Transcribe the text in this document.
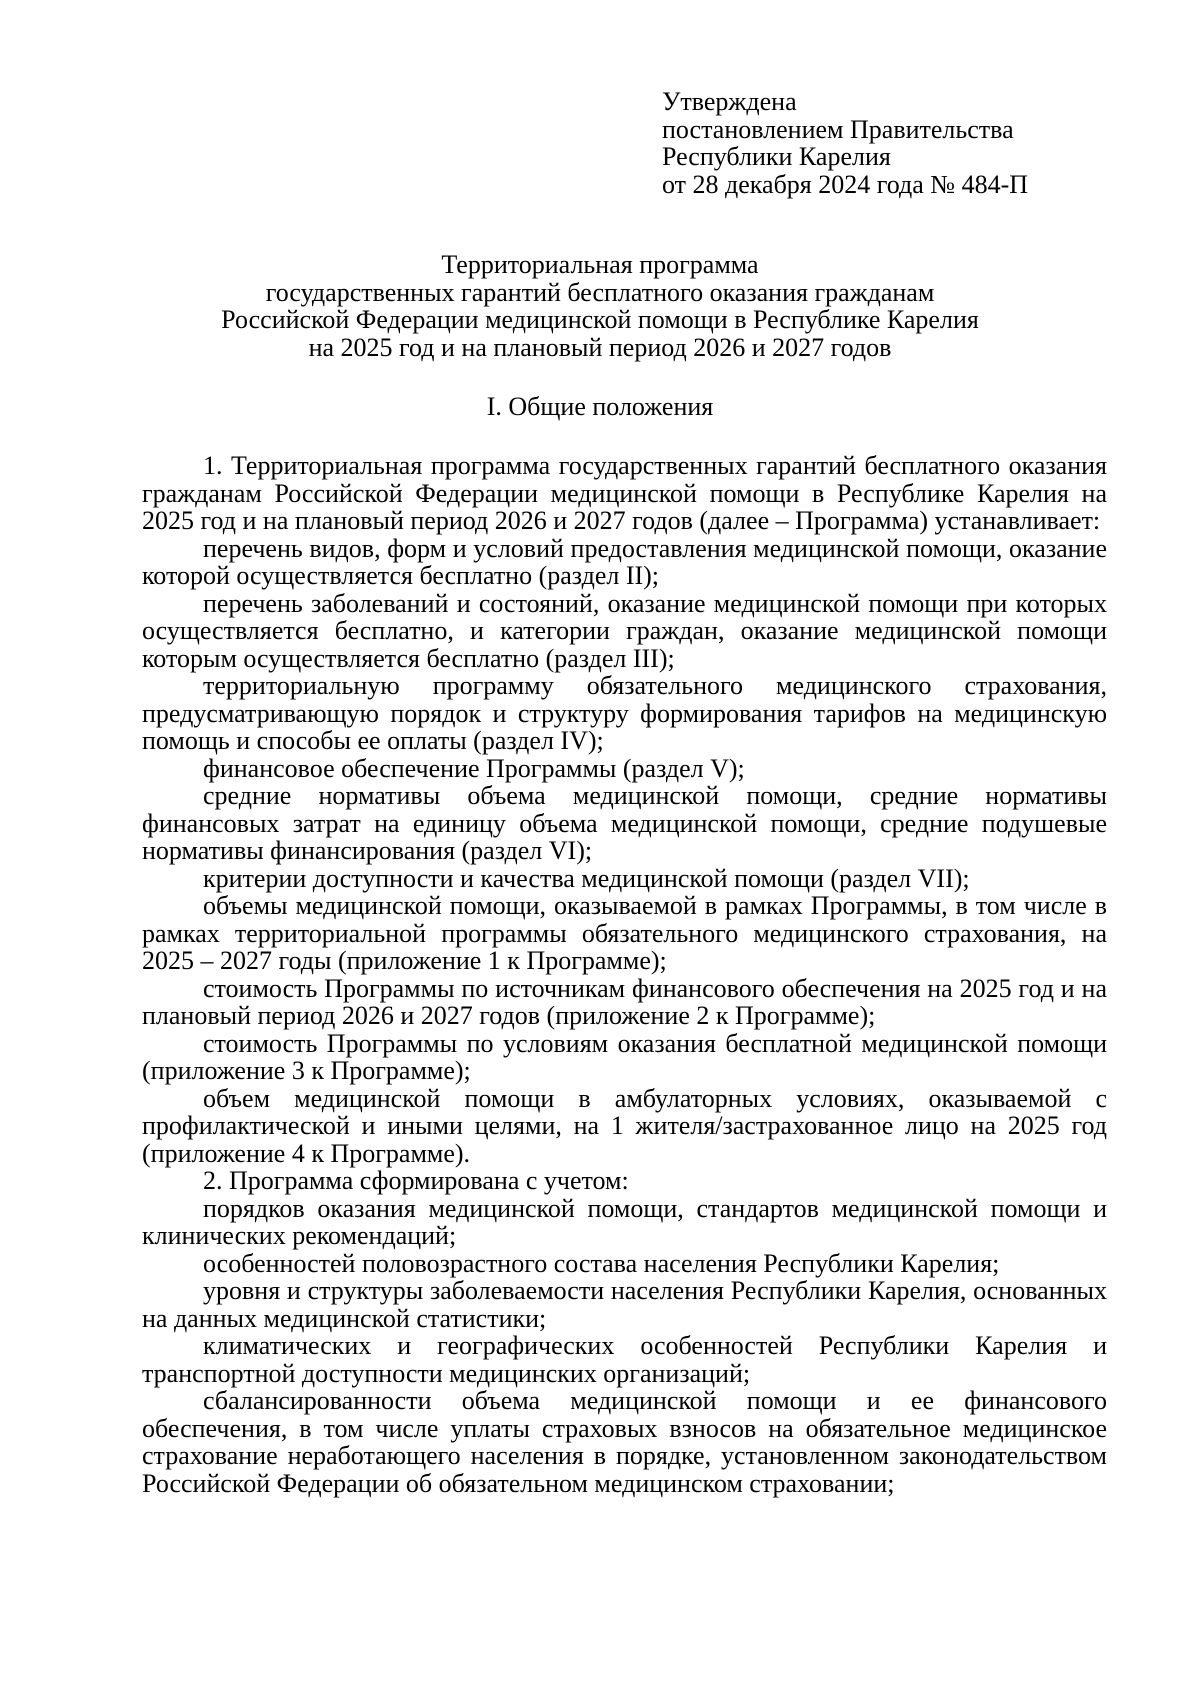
Утверждена
постановлением Правительства
Республики Карелия
от 28 декабря 2024 года № 484-П
Территориальная программа
государственных гарантий бесплатного оказания гражданам
Российской Федерации медицинской помощи в Республике Карелия
на 2025 год и на плановый период 2026 и 2027 годов
I. Общие положения

1. Территориальная программа государственных гарантий бесплатного оказания гражданам Российской Федерации медицинской помощи в Республике Карелия на 2025 год и на плановый период 2026 и 2027 годов (далее – Программа) устанавливает:

перечень видов, форм и условий предоставления медицинской помощи, оказание которой осуществляется бесплатно (раздел II);

перечень заболеваний и состояний, оказание медицинской помощи при которых осуществляется бесплатно, и категории граждан, оказание медицинской помощи которым осуществляется бесплатно (раздел III);

территориальную программу обязательного медицинского страхования, предусматривающую порядок и структуру формирования тарифов на медицинскую помощь и способы ее оплаты (раздел IV);

финансовое обеспечение Программы (раздел V);

средние нормативы объема медицинской помощи, средние нормативы финансовых затрат на единицу объема медицинской помощи, средние подушевые нормативы финансирования (раздел VI);

критерии доступности и качества медицинской помощи (раздел VII);

объемы медицинской помощи, оказываемой в рамках Программы, в том числе в рамках территориальной программы обязательного медицинского страхования, на 2025 – 2027 годы (приложение 1 к Программе);

стоимость Программы по источникам финансового обеспечения на 2025 год и на плановый период 2026 и 2027 годов (приложение 2 к Программе);

стоимость Программы по условиям оказания бесплатной медицинской помощи (приложение 3 к Программе);

объем медицинской помощи в амбулаторных условиях, оказываемой с профилактической и иными целями, на 1 жителя/застрахованное лицо на 2025 год (приложение 4 к Программе).

2. Программа сформирована с учетом:

порядков оказания медицинской помощи, стандартов медицинской помощи и клинических рекомендаций;

особенностей половозрастного состава населения Республики Карелия;

уровня и структуры заболеваемости населения Республики Карелия, основанных на данных медицинской статистики;

климатических и географических особенностей Республики Карелия и транспортной доступности медицинских организаций;

сбалансированности объема медицинской помощи и ее финансового обеспечения, в том числе уплаты страховых взносов на обязательное медицинское страхование неработающего населения в порядке, установленном законодательством Российской Федерации об обязательном медицинском страховании;
